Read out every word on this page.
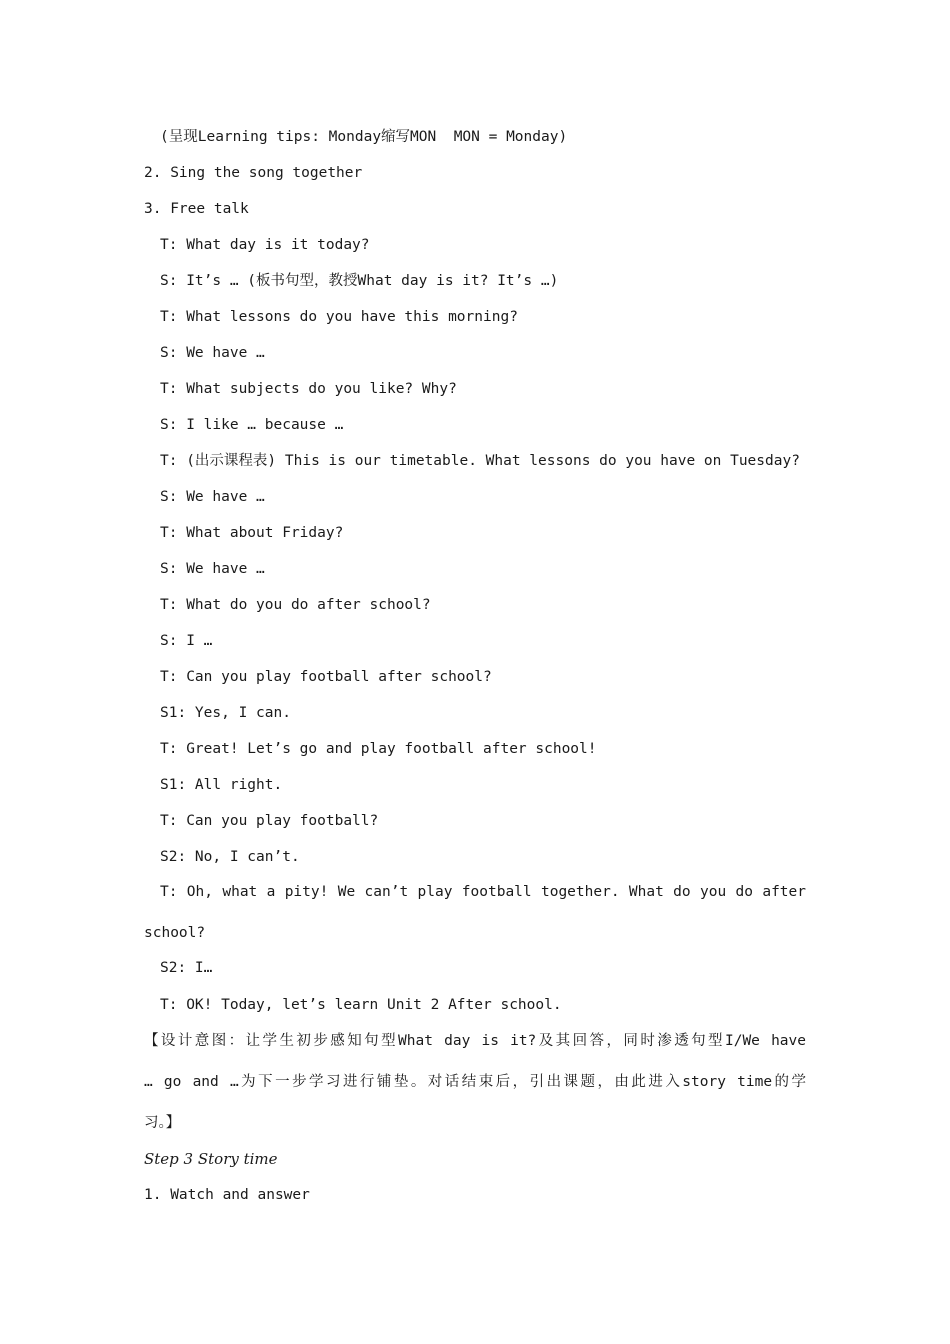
(呈现Learning tips: Monday缩写MON  MON = Monday)
2. Sing the song together
3. Free talk
T: What day is it today?
S: It’s … (板书句型，教授What day is it? It’s …)
T: What lessons do you have this morning?
S: We have …
T: What subjects do you like? Why?
S: I like … because …
T: (出示课程表) This is our timetable. What lessons do you have on Tuesday?
S: We have …
T: What about Friday?
S: We have …
T: What do you do after school?
S: I …
T: Can you play football after school?
S1: Yes, I can.
T: Great! Let’s go and play football after school!
S1: All right.
T: Can you play football?
S2: No, I can’t.
T: Oh, what a pity! We can’t play football together. What do you do after
school?
S2: I…
T: OK! Today, let’s learn Unit 2 After school.
【设计意图：让学生初步感知句型What day is it?及其回答，同时渗透句型I/We have
… go and …为下一步学习进行铺垫。对话结束后，引出课题，由此进入story time的学
习。】
Step 3 Story time
1. Watch and answer
